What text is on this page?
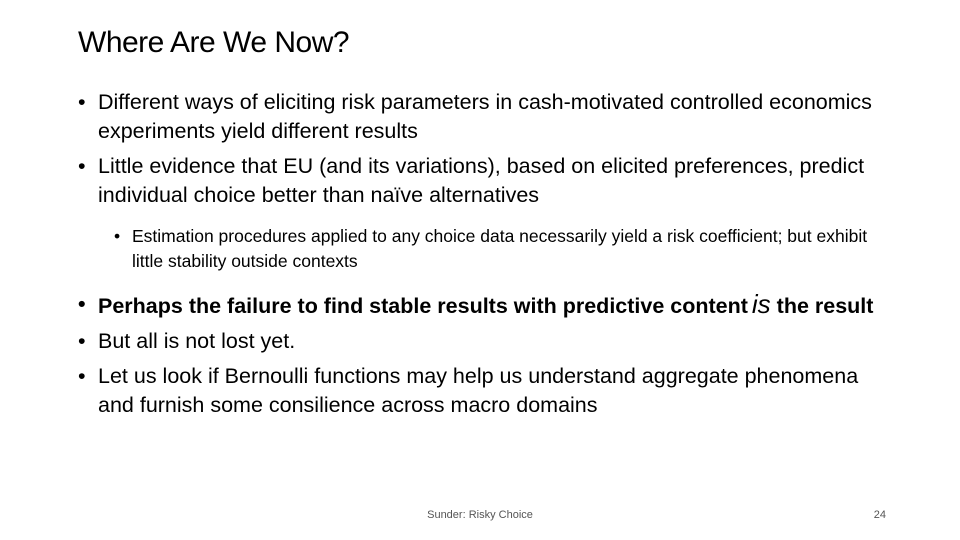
Where Are We Now?

• Different ways of eliciting risk parameters in cash-motivated controlled economics experiments yield different results

• Little evidence that EU (and its variations), based on elicited preferences, predict individual choice better than naïve alternatives

• Estimation procedures applied to any choice data necessarily yield a risk coefficient; but exhibit little stability outside contexts

• Perhaps the failure to find stable results with predictive content is the result

• But all is not lost yet.

• Let us look if Bernoulli functions may help us understand aggregate phenomena and furnish some consilience across macro domains

Sunder: Risky Choice	24
